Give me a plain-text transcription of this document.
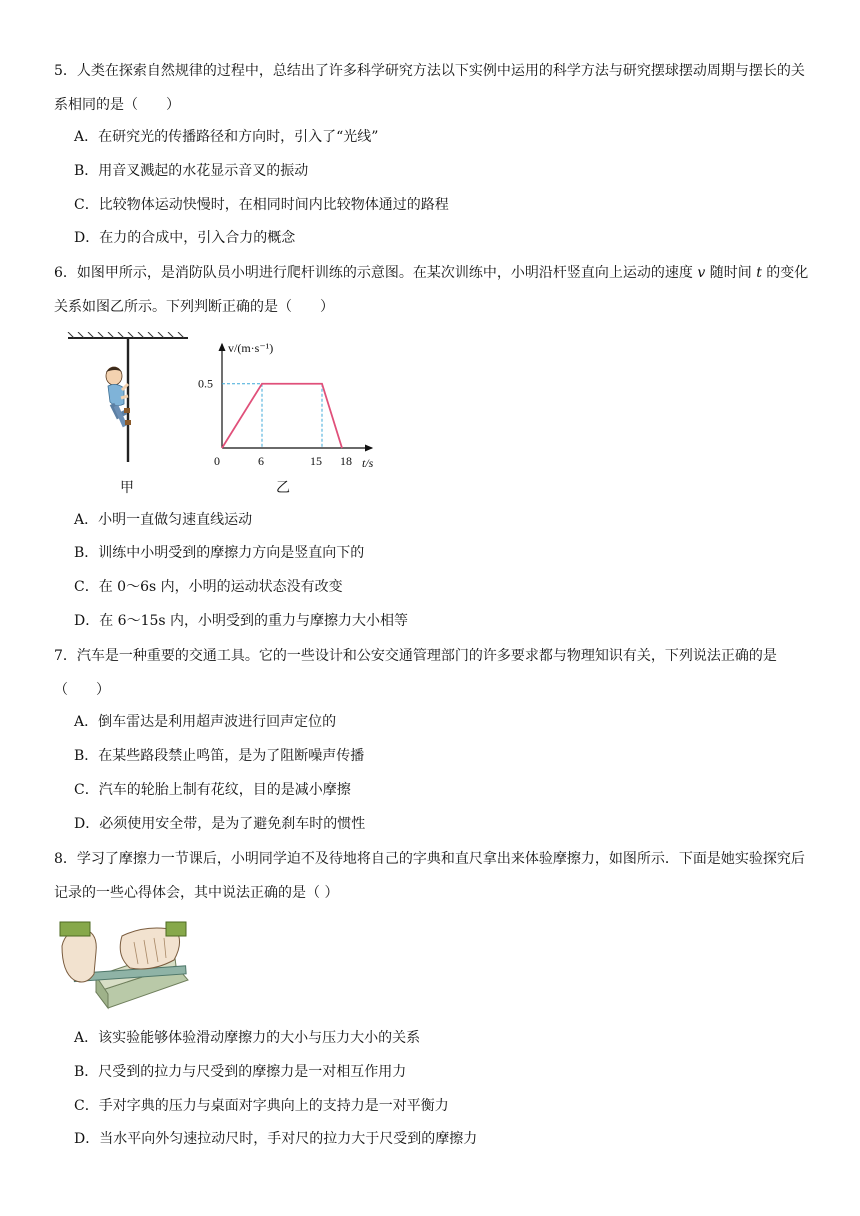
5．人类在探索自然规律的过程中，总结出了许多科学研究方法以下实例中运用的科学方法与研究摆球摆动周期与摆长的关系相同的是（　　）
A．在研究光的传播路径和方向时，引入了“光线”
B．用音叉溅起的水花显示音叉的振动
C．比较物体运动快慢时，在相同时间内比较物体通过的路程
D．在力的合成中，引入合力的概念
6．如图甲所示，是消防队员小明进行爬杆训练的示意图。在某次训练中，小明沿杆竖直向上运动的速度 v 随时间 t 的变化关系如图乙所示。下列判断正确的是（　　）
甲
0	6	15 18
0.5
v/(m·s⁻¹)
t/s
乙
A．小明一直做匀速直线运动
B．训练中小明受到的摩擦力方向是竖直向下的
C．在 0～6s 内，小明的运动状态没有改变
D．在 6～15s 内，小明受到的重力与摩擦力大小相等
7．汽车是一种重要的交通工具。它的一些设计和公安交通管理部门的许多要求都与物理知识有关，下列说法正确的是（　　）
A．倒车雷达是利用超声波进行回声定位的
B．在某些路段禁止鸣笛，是为了阻断噪声传播
C．汽车的轮胎上制有花纹，目的是减小摩擦
D．必须使用安全带，是为了避免刹车时的惯性
8．学习了摩擦力一节课后，小明同学迫不及待地将自己的字典和直尺拿出来体验摩擦力，如图所示．下面是她实验探究后记录的一些心得体会，其中说法正确的是（ ）
A．该实验能够体验滑动摩擦力的大小与压力大小的关系
B．尺受到的拉力与尺受到的摩擦力是一对相互作用力
C．手对字典的压力与桌面对字典向上的支持力是一对平衡力
D．当水平向外匀速拉动尺时，手对尺的拉力大于尺受到的摩擦力
